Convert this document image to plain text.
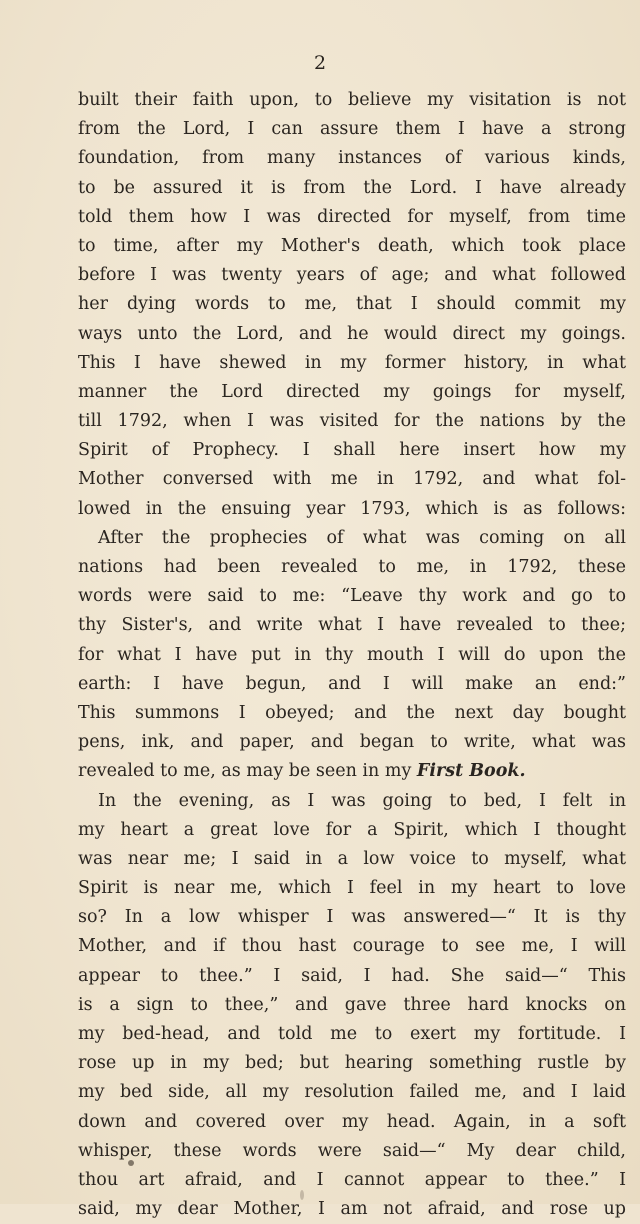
2
built their faith upon, to believe my visitation is not
from the Lord, I can assure them I have a strong
foundation, from many instances of various kinds,
to be assured it is from the Lord. I have already
told them how I was directed for myself, from time
to time, after my Mother's death, which took place
before I was twenty years of age; and what followed
her dying words to me, that I should commit my
ways unto the Lord, and he would direct my goings.
This I have shewed in my former history, in what
manner the Lord directed my goings for myself,
till 1792, when I was visited for the nations by the
Spirit of Prophecy. I shall here insert how my
Mother conversed with me in 1792, and what fol-
lowed in the ensuing year 1793, which is as follows:
After the prophecies of what was coming on all
nations had been revealed to me, in 1792, these
words were said to me: “Leave thy work and go to
thy Sister's, and write what I have revealed to thee;
for what I have put in thy mouth I will do upon the
earth: I have begun, and I will make an end:”
This summons I obeyed; and the next day bought
pens, ink, and paper, and began to write, what was
revealed to me, as may be seen in my First Book.
In the evening, as I was going to bed, I felt in
my heart a great love for a Spirit, which I thought
was near me; I said in a low voice to myself, what
Spirit is near me, which I feel in my heart to love
so? In a low whisper I was answered—“ It is thy
Mother, and if thou hast courage to see me, I will
appear to thee.” I said, I had. She said—“ This
is a sign to thee,” and gave three hard knocks on
my bed-head, and told me to exert my fortitude. I
rose up in my bed; but hearing something rustle by
my bed side, all my resolution failed me, and I laid
down and covered over my head. Again, in a soft
whisper, these words were said—“ My dear child,
thou art afraid, and I cannot appear to thee.” I
said, my dear Mother, I am not afraid, and rose up
